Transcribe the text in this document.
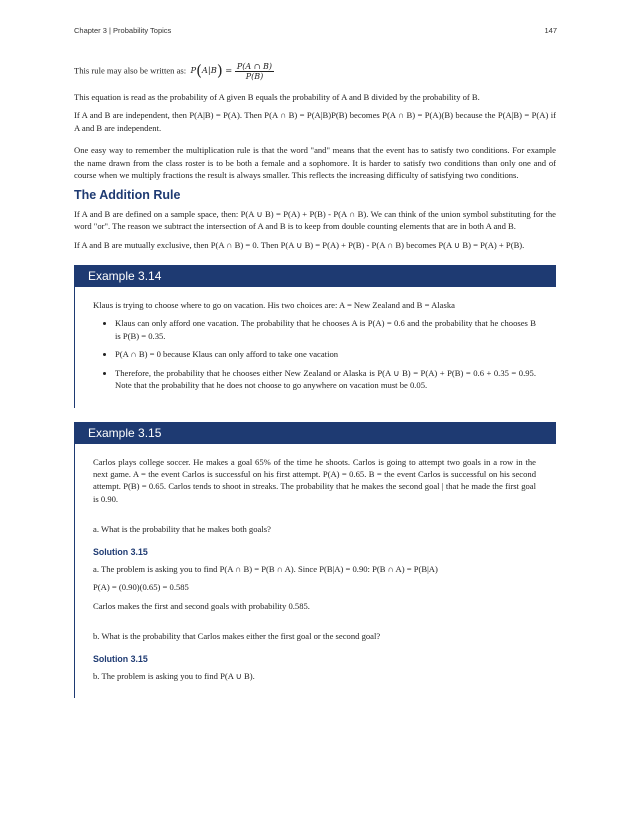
Chapter 3 | Probability Topics	147

This rule may also be written as: $P(A|B) = \frac{P(A \cap B)}{P(B)}$

This equation is read as the probability of A given B equals the probability of A and B divided by the probability of B.

If A and B are independent, then P(A|B) = P(A). Then P(A ∩ B) = P(A|B)P(B) becomes P(A ∩ B) = P(A)(B) because the P(A|B) = P(A) if A and B are independent.

One easy way to remember the multiplication rule is that the word "and" means that the event has to satisfy two conditions. For example the name drawn from the class roster is to be both a female and a sophomore. It is harder to satisfy two conditions than only one and of course when we multiply fractions the result is always smaller. This reflects the increasing difficulty of satisfying two conditions.

The Addition Rule

If A and B are defined on a sample space, then: P(A ∪ B) = P(A) + P(B) - P(A ∩ B). We can think of the union symbol substituting for the word "or". The reason we subtract the intersection of A and B is to keep from double counting elements that are in both A and B.

If A and B are mutually exclusive, then P(A ∩ B) = 0. Then P(A ∪ B) = P(A) + P(B) - P(A ∩ B) becomes P(A ∪ B) = P(A) + P(B).

Example 3.14

Klaus is trying to choose where to go on vacation. His two choices are: A = New Zealand and B = Alaska

• Klaus can only afford one vacation. The probability that he chooses A is P(A) = 0.6 and the probability that he chooses B is P(B) = 0.35.
• P(A ∩ B) = 0 because Klaus can only afford to take one vacation
• Therefore, the probability that he chooses either New Zealand or Alaska is P(A ∪ B) = P(A) + P(B) = 0.6 + 0.35 = 0.95. Note that the probability that he does not choose to go anywhere on vacation must be 0.05.
Example 3.15

Carlos plays college soccer. He makes a goal 65% of the time he shoots. Carlos is going to attempt two goals in a row in the next game. A = the event Carlos is successful on his first attempt. P(A) = 0.65. B = the event Carlos is successful on his second attempt. P(B) = 0.65. Carlos tends to shoot in streaks. The probability that he makes the second goal | that he made the first goal is 0.90.

a. What is the probability that he makes both goals?

Solution 3.15

a. The problem is asking you to find P(A ∩ B) = P(B ∩ A). Since P(B|A) = 0.90: P(B ∩ A) = P(B|A)

P(A) = (0.90)(0.65) = 0.585

Carlos makes the first and second goals with probability 0.585.

b. What is the probability that Carlos makes either the first goal or the second goal?

Solution 3.15

b. The problem is asking you to find P(A ∪ B).
